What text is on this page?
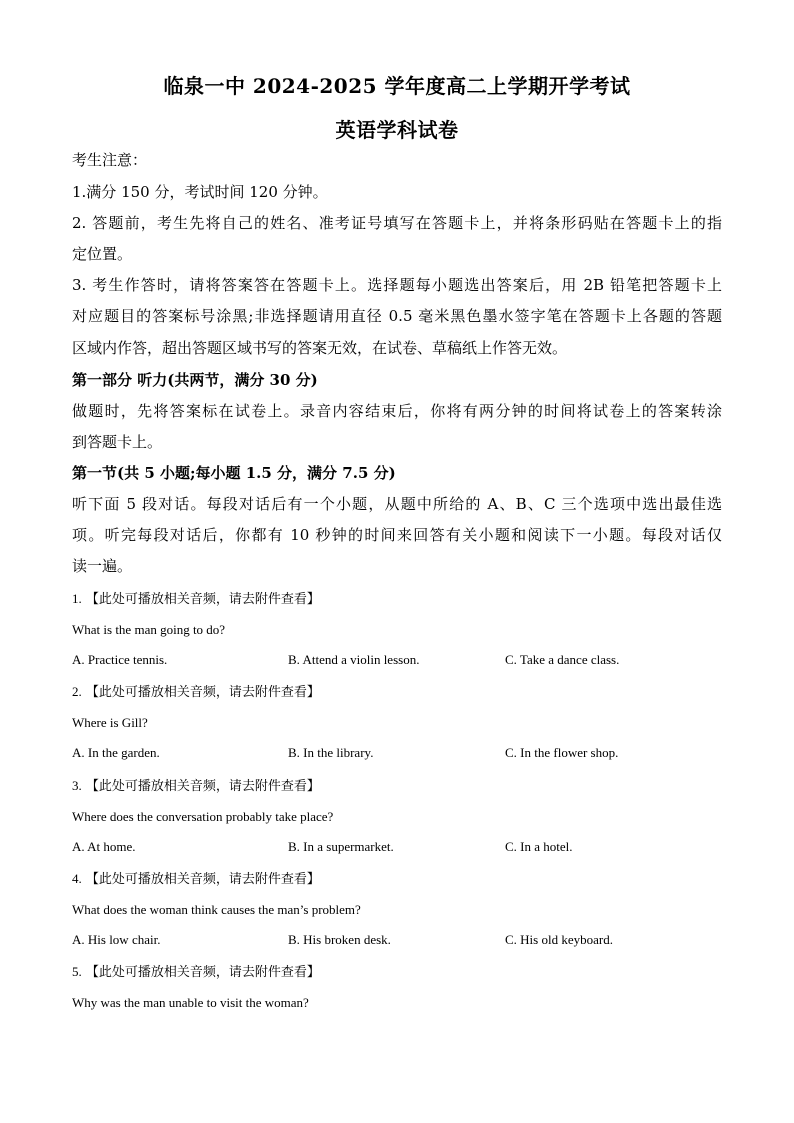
临泉一中 2024-2025 学年度高二上学期开学考试
英语学科试卷
考生注意：
1.满分 150 分，考试时间 120 分钟。
2. 答题前，考生先将自己的姓名、准考证号填写在答题卡上，并将条形码贴在答题卡上的指
定位置。
3. 考生作答时，请将答案答在答题卡上。选择题每小题选出答案后，用 2B 铅笔把答题卡上
对应题目的答案标号涂黑;非选择题请用直径 0.5 毫米黑色墨水签字笔在答题卡上各题的答题
区域内作答，超出答题区域书写的答案无效，在试卷、草稿纸上作答无效。
第一部分 听力(共两节，满分 30 分)
做题时，先将答案标在试卷上。录音内容结束后，你将有两分钟的时间将试卷上的答案转涂
到答题卡上。
第一节(共 5 小题;每小题 1.5 分，满分 7.5 分)
听下面 5 段对话。每段对话后有一个小题，从题中所给的 A、B、C 三个选项中选出最佳选
项。听完每段对话后，你都有 10 秒钟的时间来回答有关小题和阅读下一小题。每段对话仅
读一遍。
1. 【此处可播放相关音频，请去附件查看】
What is the man going to do?
A. Practice tennis.	B. Attend a violin lesson.	C. Take a dance class.
2. 【此处可播放相关音频，请去附件查看】
Where is Gill?
A. In the garden.	B. In the library.	C. In the flower shop.
3. 【此处可播放相关音频，请去附件查看】
Where does the conversation probably take place?
A. At home.	B. In a supermarket.	C. In a hotel.
4. 【此处可播放相关音频，请去附件查看】
What does the woman think causes the man’s problem?
A. His low chair.	B. His broken desk.	C. His old keyboard.
5. 【此处可播放相关音频，请去附件查看】
Why was the man unable to visit the woman?
